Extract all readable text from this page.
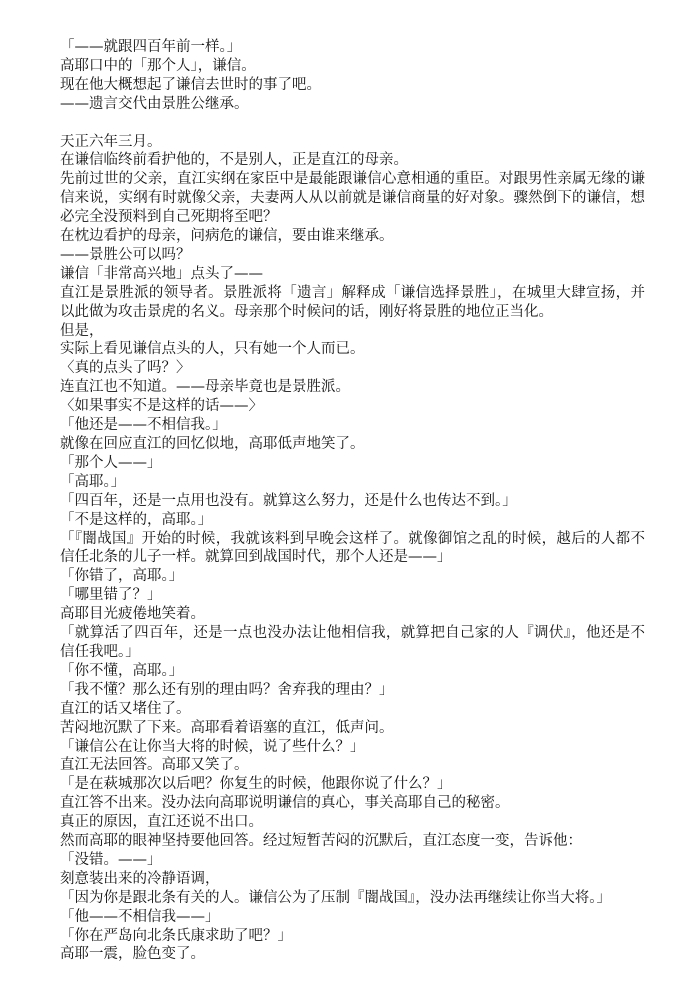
「——就跟四百年前一样。」
高耶口中的「那个人」，谦信。
现在他大概想起了谦信去世时的事了吧。
——遗言交代由景胜公继承。
天正六年三月。
在谦信临终前看护他的，不是别人，正是直江的母亲。
先前过世的父亲，直江实纲在家臣中是最能跟谦信心意相通的重臣。对跟男性亲属无缘的谦信来说，实纲有时就像父亲，夫妻两人从以前就是谦信商量的好对象。骤然倒下的谦信，想必完全没预料到自己死期将至吧？
在枕边看护的母亲，问病危的谦信，要由谁来继承。
——景胜公可以吗？
谦信「非常高兴地」点头了——
直江是景胜派的领导者。景胜派将「遗言」解释成「谦信选择景胜」，在城里大肆宣扬，并以此做为攻击景虎的名义。母亲那个时候问的话，刚好将景胜的地位正当化。
但是，
实际上看见谦信点头的人，只有她一个人而已。
〈真的点头了吗？〉
连直江也不知道。——母亲毕竟也是景胜派。
〈如果事实不是这样的话——〉
「他还是——不相信我。」
就像在回应直江的回忆似地，高耶低声地笑了。
「那个人——」
「高耶。」
「四百年，还是一点用也没有。就算这么努力，还是什么也传达不到。」
「不是这样的，高耶。」
「『闇战国』开始的时候，我就该料到早晚会这样了。就像御馆之乱的时候，越后的人都不信任北条的儿子一样。就算回到战国时代，那个人还是——」
「你错了，高耶。」
「哪里错了？」
高耶目光疲倦地笑着。
「就算活了四百年，还是一点也没办法让他相信我，就算把自己家的人『调伏』，他还是不信任我吧。」
「你不懂，高耶。」
「我不懂？那么还有别的理由吗？舍弃我的理由？」
直江的话又堵住了。
苦闷地沉默了下来。高耶看着语塞的直江，低声问。
「谦信公在让你当大将的时候，说了些什么？」
直江无法回答。高耶又笑了。
「是在萩城那次以后吧？你复生的时候，他跟你说了什么？」
直江答不出来。没办法向高耶说明谦信的真心，事关高耶自己的秘密。
真正的原因，直江还说不出口。
然而高耶的眼神坚持要他回答。经过短暂苦闷的沉默后，直江态度一变，告诉他：
「没错。——」
刻意装出来的冷静语调，
「因为你是跟北条有关的人。谦信公为了压制『闇战国』，没办法再继续让你当大将。」
「他——不相信我——」
「你在严岛向北条氏康求助了吧？」
高耶一震，脸色变了。
